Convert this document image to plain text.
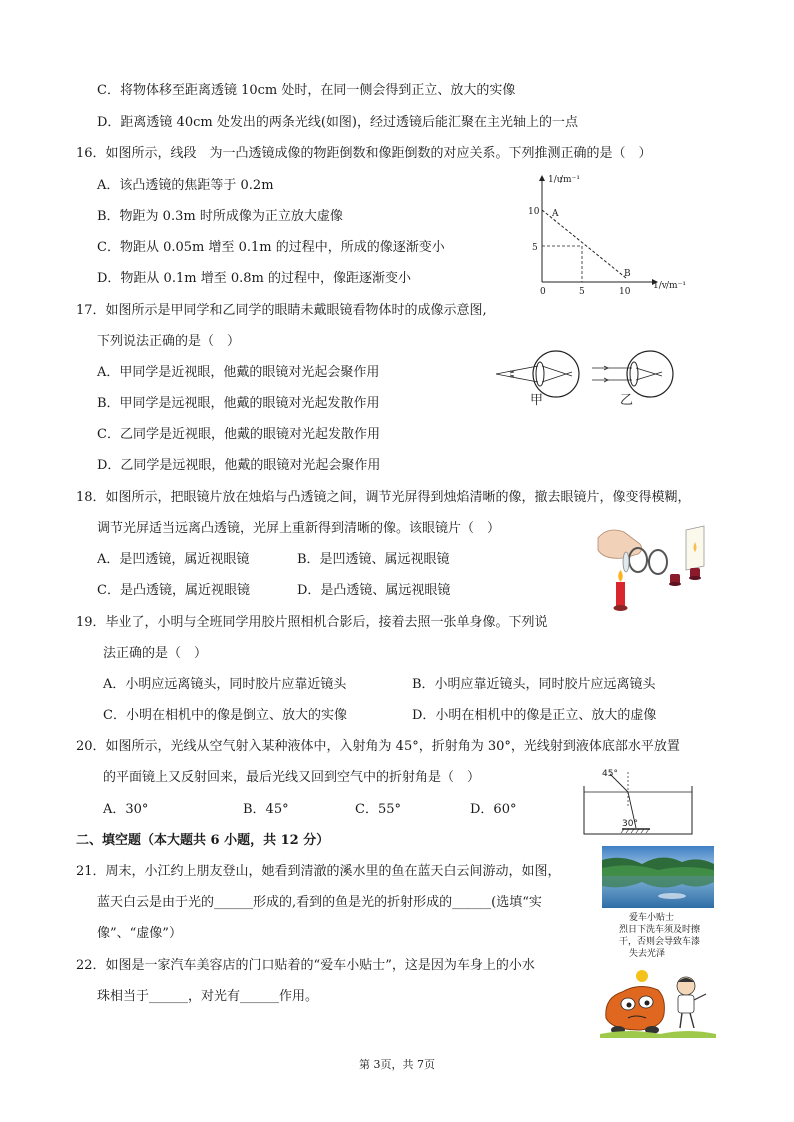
C．将物体移至距离透镜 10cm 处时，在同一侧会得到正立、放大的实像
D．距离透镜 40cm 处发出的两条光线(如图)，经过透镜后能汇聚在主光轴上的一点
16．如图所示，线段　为一凸透镜成像的物距倒数和像距倒数的对应关系。下列推测正确的是（　）
A．该凸透镜的焦距等于 0.2m
B．物距为 0.3m 时所成像为正立放大虚像
C．物距从 0.05m 增至 0.1m 的过程中，所成的像逐渐变小
D．物距从 0.1m 增至 0.8m 的过程中，像距逐渐变小
1/u
/m⁻¹
10
5
0	5	10
A
B
1/v /m⁻¹
17．如图所示是甲同学和乙同学的眼睛未戴眼镜看物体时的成像示意图,
下列说法正确的是（　）
A．甲同学是近视眼，他戴的眼镜对光起会聚作用
B．甲同学是远视眼，他戴的眼镜对光起发散作用
C．乙同学是近视眼，他戴的眼镜对光起发散作用
D．乙同学是远视眼，他戴的眼镜对光起会聚作用
甲	乙
18．如图所示，把眼镜片放在烛焰与凸透镜之间，调节光屏得到烛焰清晰的像，撤去眼镜片，像变得模糊，
调节光屏适当远离凸透镜，光屏上重新得到清晰的像。该眼镜片（　）
A．是凹透镜，属近视眼镜	B．是凹透镜、属远视眼镜
C．是凸透镜，属近视眼镜	D．是凸透镜、属远视眼镜
19．毕业了，小明与全班同学用胶片照相机合影后，接着去照一张单身像。下列说
法正确的是（　）
A．小明应远离镜头，同时胶片应靠近镜头	B．小明应靠近镜头，同时胶片应远离镜头
C．小明在相机中的像是倒立、放大的实像	D．小明在相机中的像是正立、放大的虚像
20．如图所示，光线从空气射入某种液体中，入射角为 45°，折射角为 30°，光线射到液体底部水平放置
的平面镜上又反射回来，最后光线又回到空气中的折射角是（　）
A．30°	B．45°	C．55°	D．60°
45°
30°
二、填空题（本大题共 6 小题，共 12 分）
21．周末，小江约上朋友登山，她看到清澈的溪水里的鱼在蓝天白云间游动，如图，
蓝天白云是由于光的______形成的,看到的鱼是光的折射形成的______(选填“实
像”、“虚像”）
22．如图是一家汽车美容店的门口贴着的“爱车小贴士”，这是因为车身上的小水
珠相当于______，对光有______作用。
爱车小贴士
烈日下洗车须及时擦
干，否则会导致车漆
失去光泽
第 3页，共 7页
